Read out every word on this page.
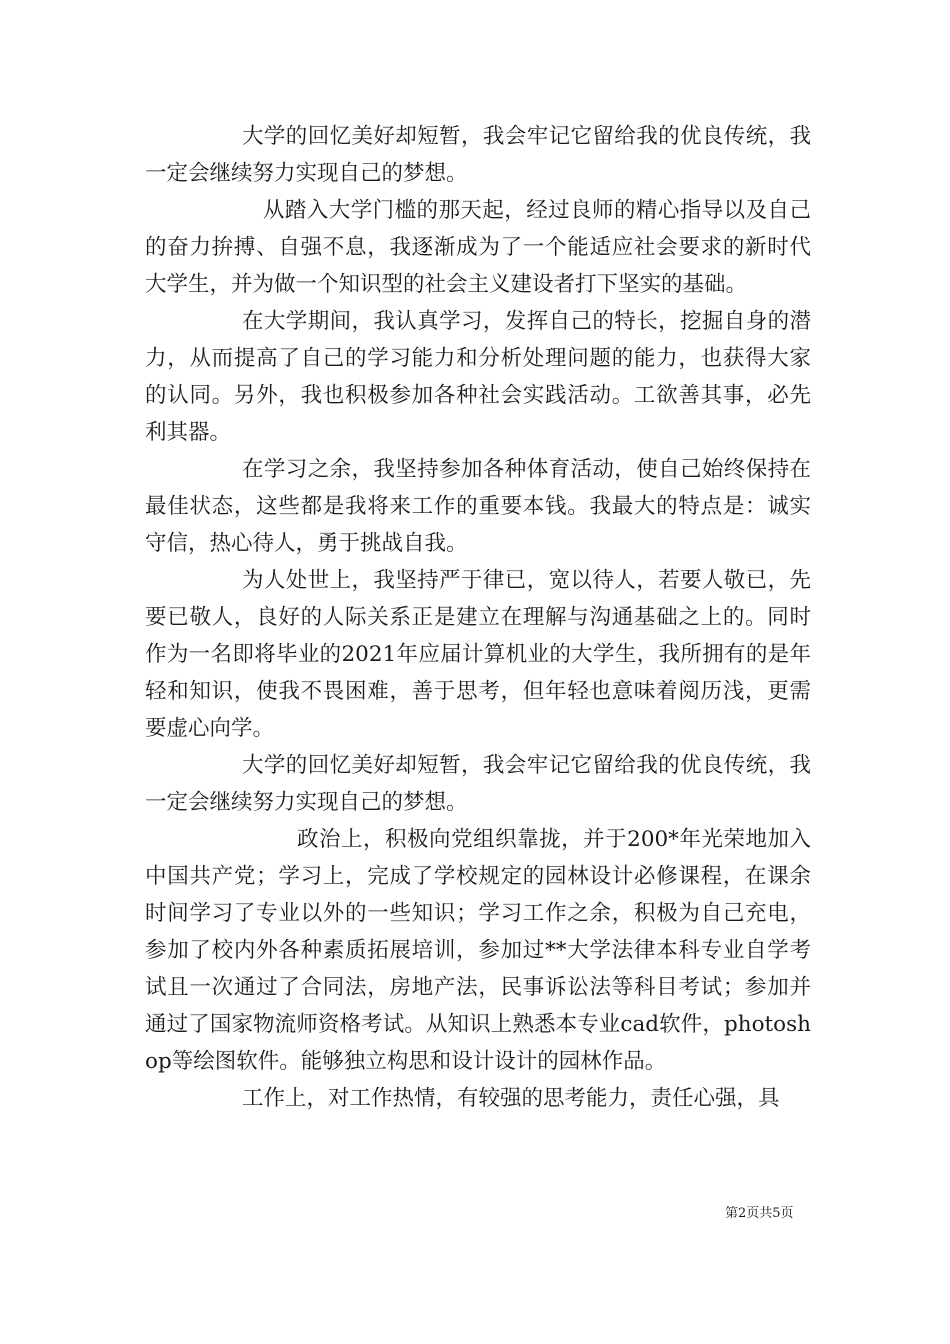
大学的回忆美好却短暂，我会牢记它留给我的优良传统，我一定会继续努力实现自己的梦想。

从踏入大学门槛的那天起，经过良师的精心指导以及自己的奋力拚搏、自强不息，我逐渐成为了一个能适应社会要求的新时代大学生，并为做一个知识型的社会主义建设者打下坚实的基础。

在大学期间，我认真学习，发挥自己的特长，挖掘自身的潜力，从而提高了自己的学习能力和分析处理问题的能力，也获得大家的认同。另外，我也积极参加各种社会实践活动。工欲善其事，必先利其器。

在学习之余，我坚持参加各种体育活动，使自己始终保持在最佳状态，这些都是我将来工作的重要本钱。我最大的特点是：诚实守信，热心待人，勇于挑战自我。

为人处世上，我坚持严于律已，宽以待人，若要人敬已，先要已敬人，良好的人际关系正是建立在理解与沟通基础之上的。同时作为一名即将毕业的2021年应届计算机业的大学生，我所拥有的是年轻和知识，使我不畏困难，善于思考，但年轻也意味着阅历浅，更需要虚心向学。

大学的回忆美好却短暂，我会牢记它留给我的优良传统，我一定会继续努力实现自己的梦想。

政治上，积极向党组织靠拢，并于200*年光荣地加入中国共产党；学习上，完成了学校规定的园林设计必修课程，在课余时间学习了专业以外的一些知识；学习工作之余，积极为自己充电，参加了校内外各种素质拓展培训，参加过**大学法律本科专业自学考试且一次通过了合同法，房地产法，民事诉讼法等科目考试；参加并通过了国家物流师资格考试。从知识上熟悉本专业cad软件，photoshop等绘图软件。能够独立构思和设计设计的园林作品。

工作上，对工作热情，有较强的思考能力，责任心强，具

第2页共5页
